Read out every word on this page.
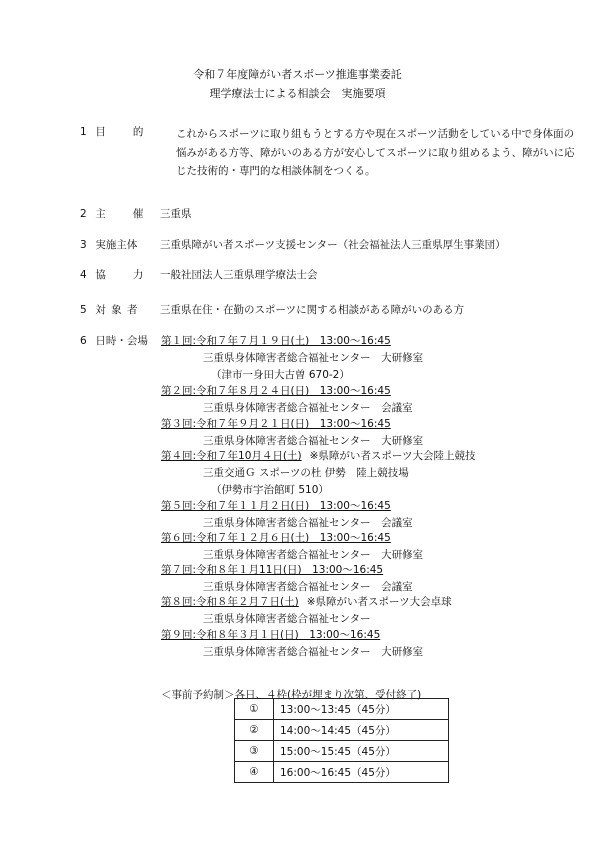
令和７年度障がい者スポーツ推進事業委託
理学療法士による相談会　実施要項
1 目　　的	これからスポーツに取り組もうとする方や現在スポーツ活動をしている中で身体面の悩みがある方等、障がいのある方が安心してスポーツに取り組めるよう、障がいに応じた技術的・専門的な相談体制をつくる。
2 主　　催 三重県
3 実施主体 三重県障がい者スポーツ支援センター（社会福祉法人三重県厚生事業団）
4 協　　力 一般社団法人三重県理学療法士会
5 対 象 者 三重県在住・在勤のスポーツに関する相談がある障がいのある方
6 日時・会場 第１回:令和７年７月１９日(土)　13:00～16:45
三重県身体障害者総合福祉センター　大研修室
（津市一身田大古曽 670-2）
第２回:令和７年８月２４日(日)　13:00～16:45
三重県身体障害者総合福祉センター　会議室
第３回:令和７年９月２１日(日)　13:00～16:45
三重県身体障害者総合福祉センター　大研修室
第４回:令和７年10月４日(土) ※県障がい者スポーツ大会陸上競技
三重交通Ｇ スポーツの杜 伊勢　陸上競技場
（伊勢市宇治館町 510）
第５回:令和７年１１月２日(日)　13:00～16:45
三重県身体障害者総合福祉センター　会議室
第６回:令和７年１２月６日(土)　13:00～16:45
三重県身体障害者総合福祉センター　大研修室
第７回:令和８年１月11日(日)　13:00～16:45
三重県身体障害者総合福祉センター　会議室
第８回:令和８年２月７日(土) ※県障がい者スポーツ大会卓球
三重県身体障害者総合福祉センター
第９回:令和８年３月１日(日)　13:00～16:45
三重県身体障害者総合福祉センター　大研修室
＜事前予約制＞各日、４枠(枠が埋まり次第、受付終了)
①	13:00～13:45（45分）
②	14:00～14:45（45分）
③	15:00～15:45（45分）
④	16:00～16:45（45分）
